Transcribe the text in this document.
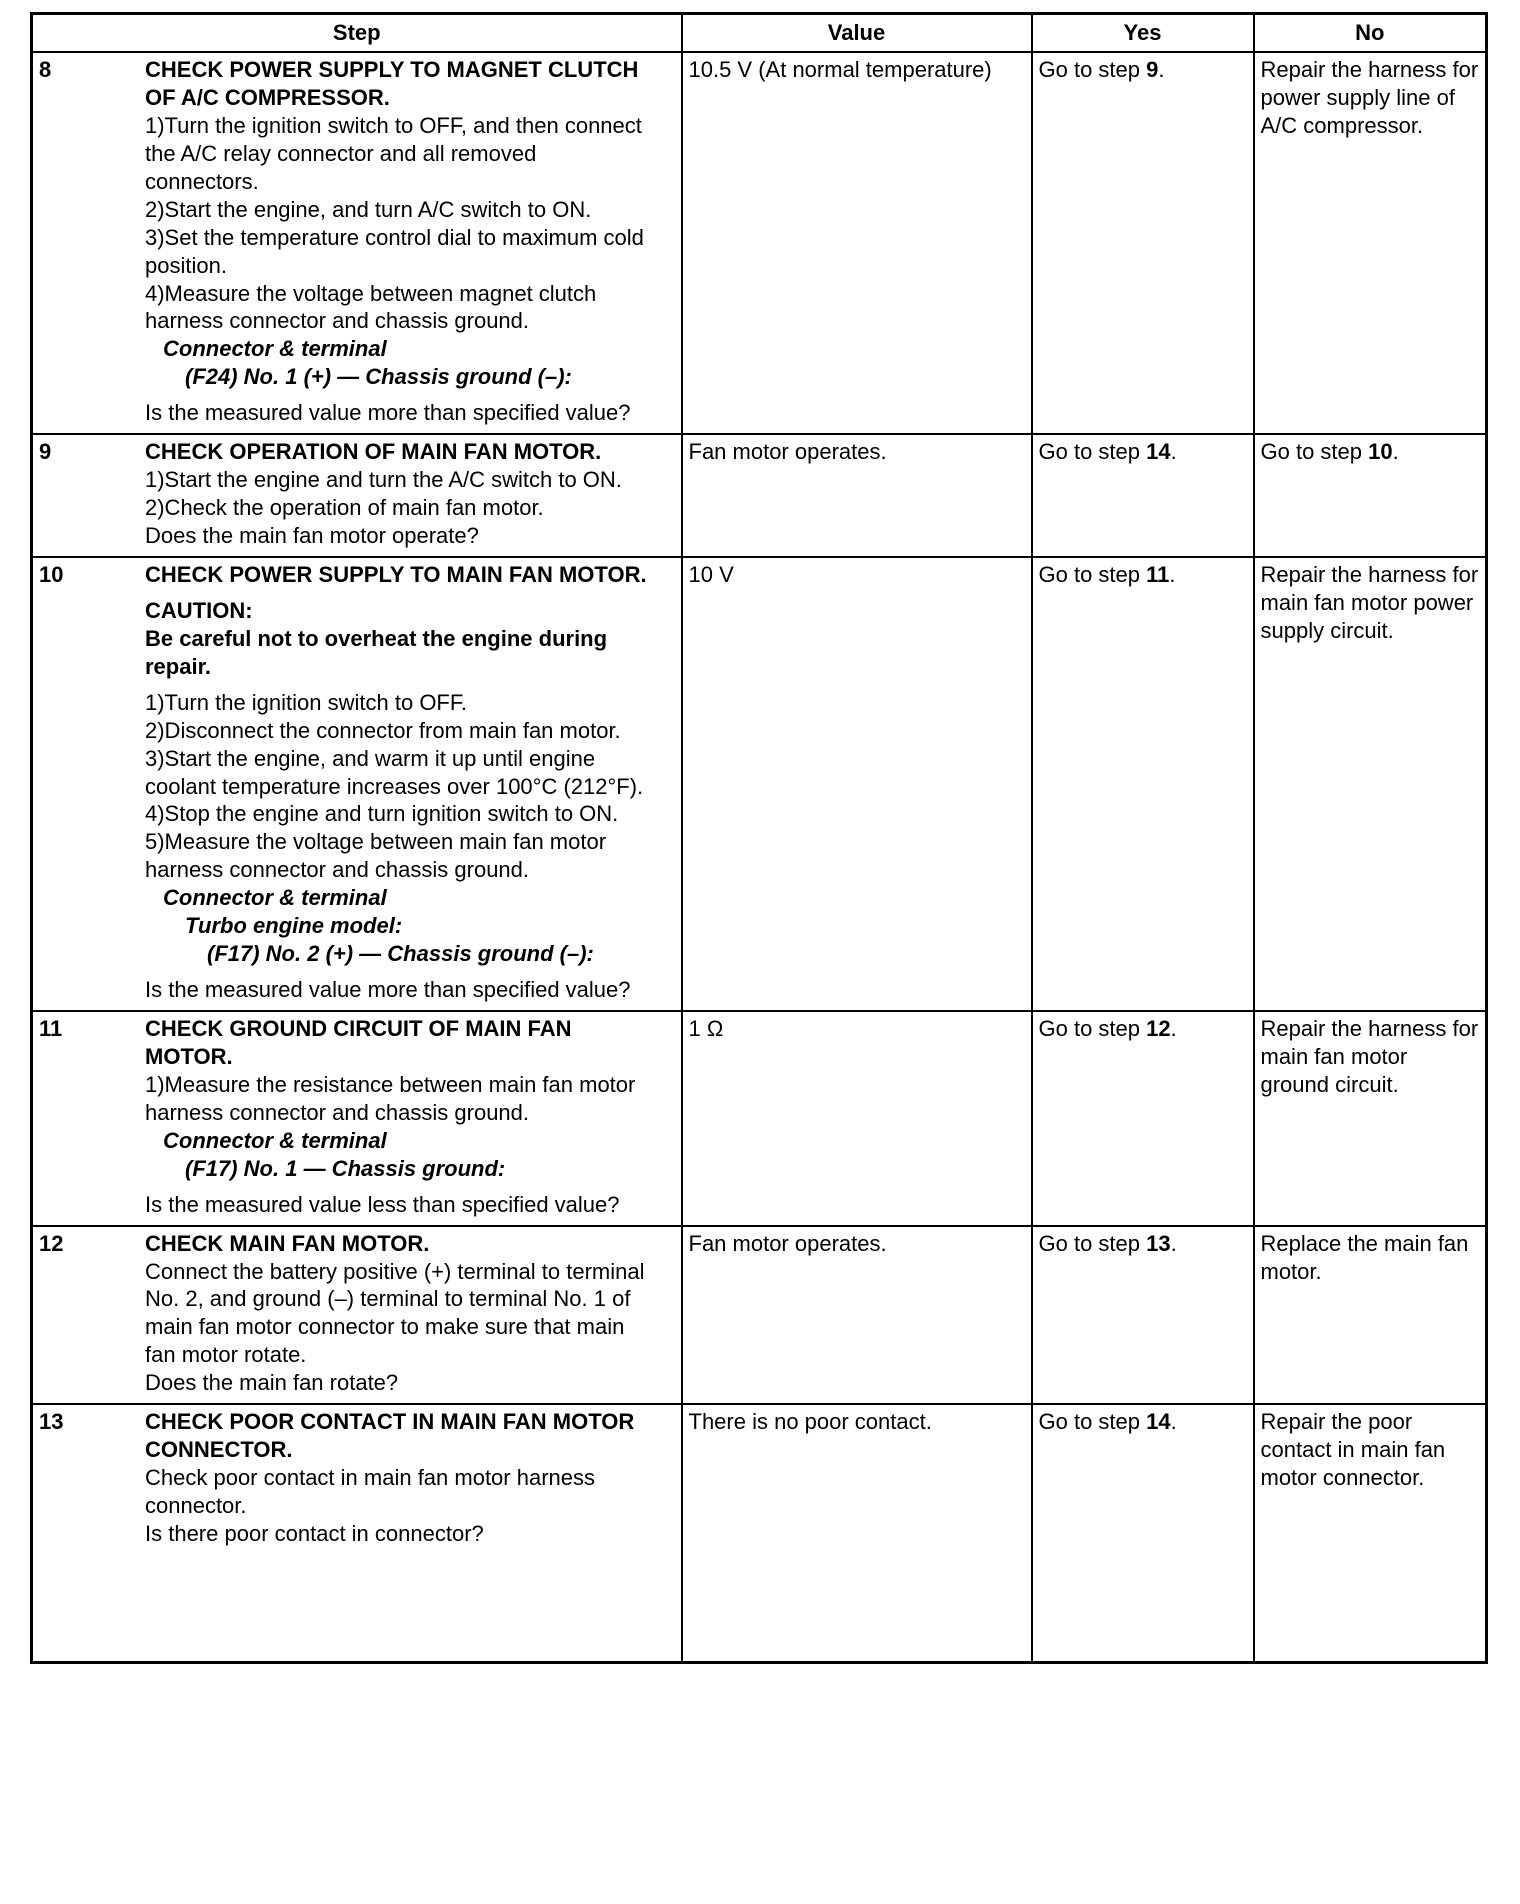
Step	Value	Yes	No

8	CHECK POWER SUPPLY TO MAGNET CLUTCH OF A/C COMPRESSOR.
1)Turn the ignition switch to OFF, and then connect the A/C relay connector and all removed connectors.
2)Start the engine, and turn A/C switch to ON.
3)Set the temperature control dial to maximum cold position.
4)Measure the voltage between magnet clutch harness connector and chassis ground.
Connector & terminal
(F24) No. 1 (+) — Chassis ground (–):
Is the measured value more than specified value?
	10.5 V (At normal temperature)	Go to step 9.	Repair the harness for power supply line of A/C compressor.

9 CHECK OPERATION OF MAIN FAN MOTOR.
1)Start the engine and turn the A/C switch to ON.
2)Check the operation of main fan motor.
Does the main fan motor operate?	Fan motor operates.	Go to step 14.	Go to step 10.

10	CHECK POWER SUPPLY TO MAIN FAN MOTOR.
CAUTION:
Be careful not to overheat the engine during repair.
1)Turn the ignition switch to OFF.
2)Disconnect the connector from main fan motor.
3)Start the engine, and warm it up until engine coolant temperature increases over 100°C (212°F).
4)Stop the engine and turn ignition switch to ON.
5)Measure the voltage between main fan motor harness connector and chassis ground.
Connector & terminal
Turbo engine model:
(F17) No. 2 (+) — Chassis ground (–):
Is the measured value more than specified value?
	10 V	Go to step 11.	Repair the harness for main fan motor power supply circuit.

11	CHECK GROUND CIRCUIT OF MAIN FAN MOTOR.
1)Measure the resistance between main fan motor harness connector and chassis ground.
Connector & terminal
(F17) No. 1 — Chassis ground:
Is the measured value less than specified value?
	1 Ω	Go to step 12.	Repair the harness for main fan motor ground circuit.

12 CHECK MAIN FAN MOTOR.
Connect the battery positive (+) terminal to terminal No. 2, and ground (–) terminal to terminal No. 1 of main fan motor connector to make sure that main fan motor rotate.
Does the main fan rotate?	Fan motor operates.	Go to step 13.	Replace the main fan motor.

13 CHECK POOR CONTACT IN MAIN FAN MOTOR CONNECTOR.
Check poor contact in main fan motor harness connector.
Is there poor contact in connector?	There is no poor contact.	Go to step 14.	Repair the poor contact in main fan motor connector.
